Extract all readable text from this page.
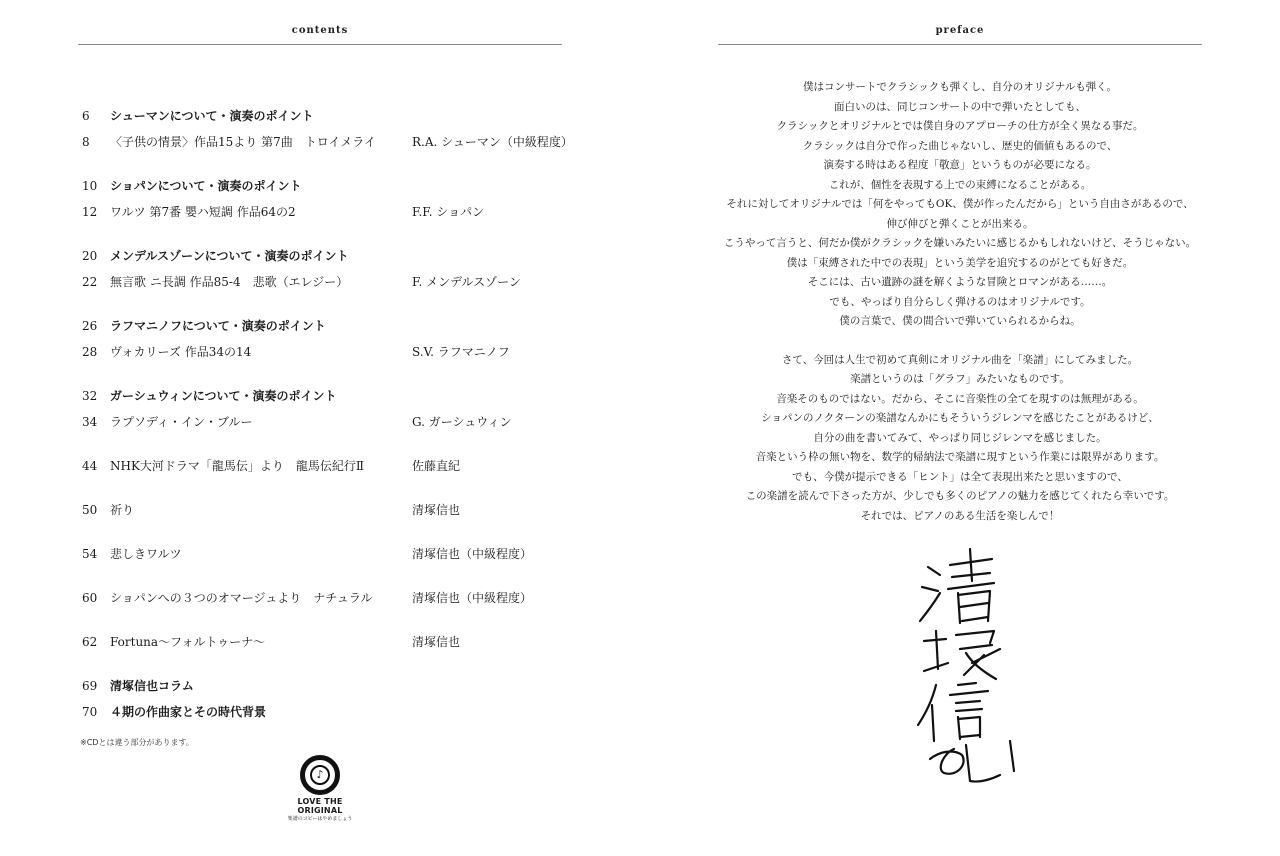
contents
6	シューマンについて・演奏のポイント
8	〈子供の情景〉作品15より 第7曲　トロイメライ	R.A. シューマン（中級程度）
10	ショパンについて・演奏のポイント
12	ワルツ 第7番 嬰ハ短調 作品64の2	F.F. ショパン
20	メンデルスゾーンについて・演奏のポイント
22	無言歌 ニ長調 作品85-4　悲歌（エレジー）	F. メンデルスゾーン
26	ラフマニノフについて・演奏のポイント
28	ヴォカリーズ 作品34の14	S.V. ラフマニノフ
32	ガーシュウィンについて・演奏のポイント
34	ラプソディ・イン・ブルー	G. ガーシュウィン
44	NHK大河ドラマ「龍馬伝」より　龍馬伝紀行Ⅱ	佐藤直紀
50	祈り	清塚信也
54	悲しきワルツ	清塚信也（中級程度）
60	ショパンへの３つのオマージュより　ナチュラル	清塚信也（中級程度）
62	Fortuna〜フォルトゥーナ〜	清塚信也
69	清塚信也コラム
70	４期の作曲家とその時代背景
※CDとは違う部分があります。
♪
LOVE THE ORIGINAL
楽譜のコピーはやめましょう
preface

僕はコンサートでクラシックも弾くし、自分のオリジナルも弾く。

面白いのは、同じコンサートの中で弾いたとしても、

クラシックとオリジナルとでは僕自身のアプローチの仕方が全く異なる事だ。

クラシックは自分で作った曲じゃないし、歴史的価値もあるので、

演奏する時はある程度「敬意」というものが必要になる。

これが、個性を表現する上での束縛になることがある。

それに対してオリジナルでは「何をやってもOK、僕が作ったんだから」という自由さがあるので、

伸び伸びと弾くことが出来る。

こうやって言うと、何だか僕がクラシックを嫌いみたいに感じるかもしれないけど、そうじゃない。

僕は「束縛された中での表現」という美学を追究するのがとても好きだ。

そこには、古い遺跡の謎を解くような冒険とロマンがある……。

でも、やっぱり自分らしく弾けるのはオリジナルです。

僕の言葉で、僕の間合いで弾いていられるからね。

さて、今回は人生で初めて真剣にオリジナル曲を「楽譜」にしてみました。

楽譜というのは「グラフ」みたいなものです。

音楽そのものではない。だから、そこに音楽性の全てを現すのは無理がある。

ショパンのノクターンの楽譜なんかにもそういうジレンマを感じたことがあるけど、

自分の曲を書いてみて、やっぱり同じジレンマを感じました。

音楽という枠の無い物を、数学的帰納法で楽譜に現すという作業には限界があります。

でも、今僕が提示できる「ヒント」は全て表現出来たと思いますので、

この楽譜を読んで下さった方が、少しでも多くのピアノの魅力を感じてくれたら幸いです。

それでは、ピアノのある生活を楽しんで！
